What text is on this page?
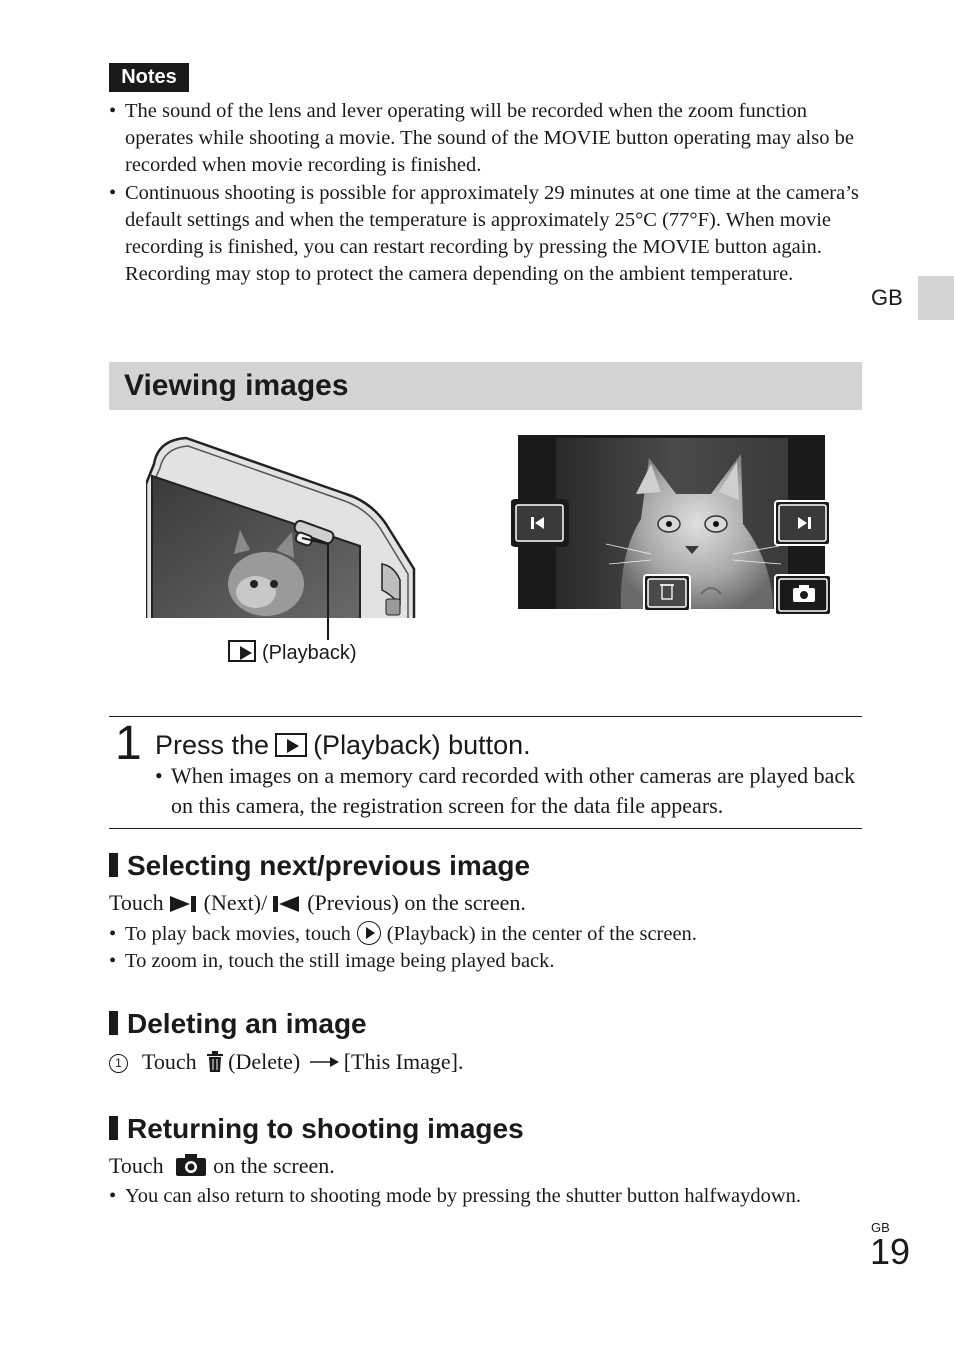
Notes
• The sound of the lens and lever operating will be recorded when the zoom function operates while shooting a movie. The sound of the MOVIE button operating may also be recorded when movie recording is finished.
• Continuous shooting is possible for approximately 29 minutes at one time at the camera’s default settings and when the temperature is approximately 25°C (77°F). When movie recording is finished, you can restart recording by pressing the MOVIE button again. Recording may stop to protect the camera depending on the ambient temperature.
GB
Viewing images
(Playback)
1 Press the (Playback) button.
• When images on a memory card recorded with other cameras are played back on this camera, the registration screen for the data file appears.
Selecting next/previous image
Touch (Next)/ (Previous) on the screen.
• To play back movies, touch (Playback) in the center of the screen.
• To zoom in, touch the still image being played back.
Deleting an image
1 Touch (Delete) [This Image].
Returning to shooting images
Touch on the screen.
• You can also return to shooting mode by pressing the shutter button halfwaydown.
GB
19
